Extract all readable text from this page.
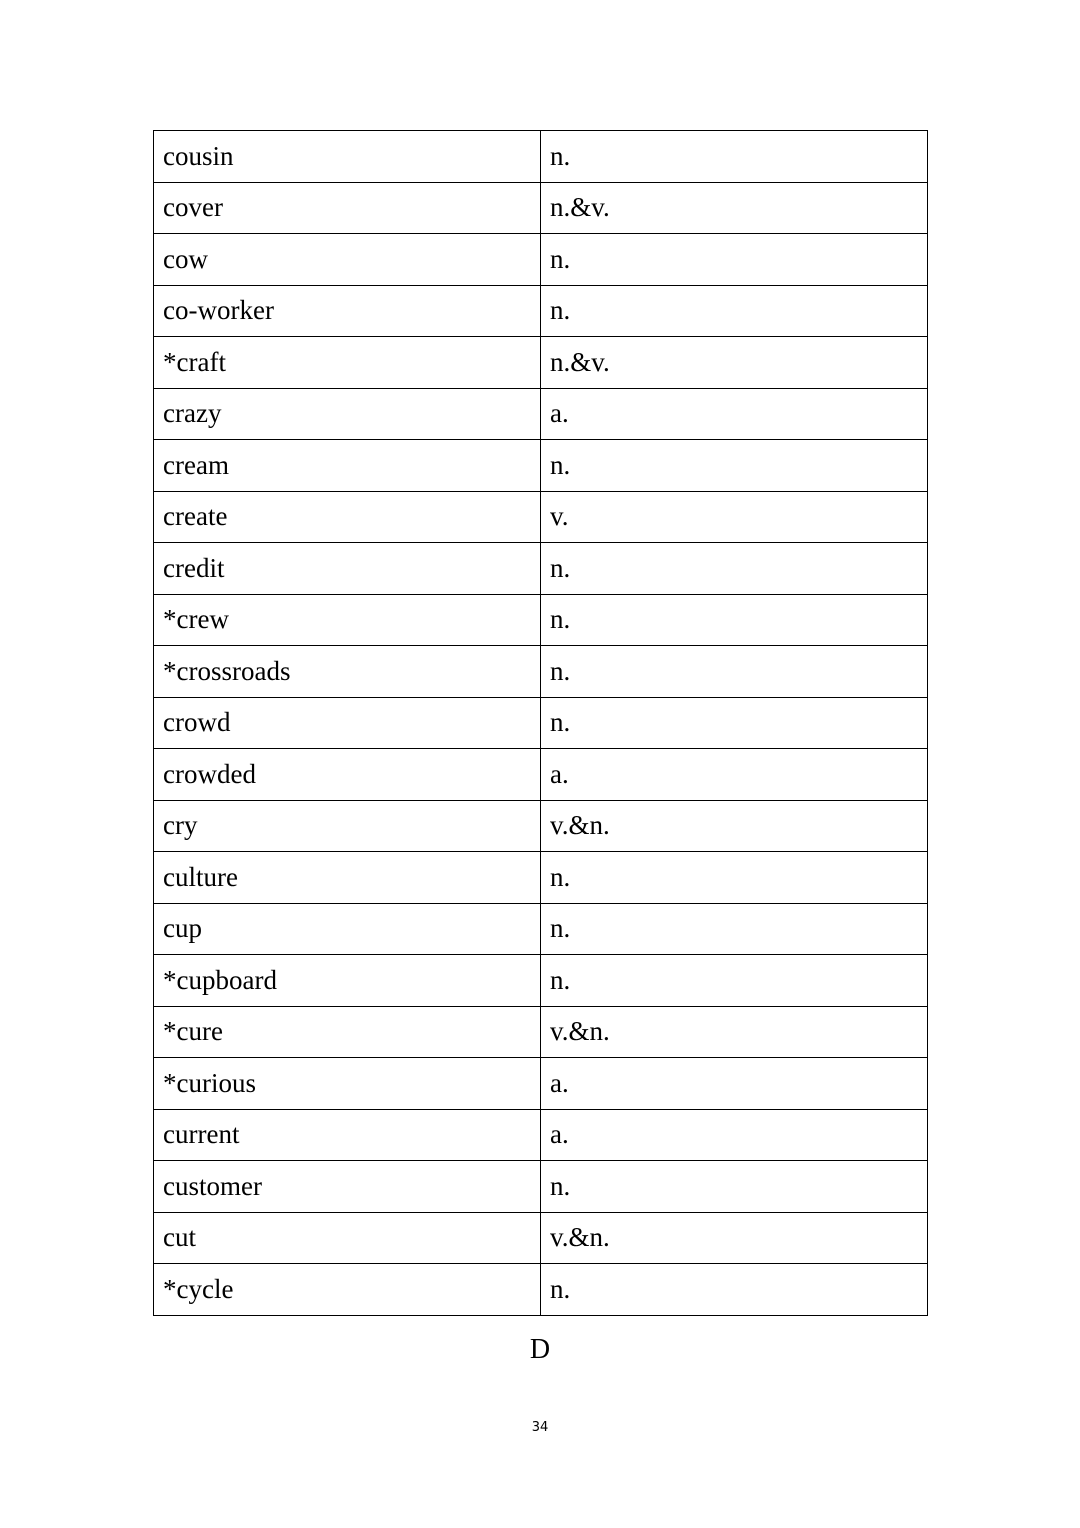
cousin	n.
cover	n.&v.
cow	n.
co-worker	n.
*craft	n.&v.
crazy	a.
cream	n.
create	v.
credit	n.
*crew	n.
*crossroads	n.
crowd	n.
crowded	a.
cry	v.&n.
culture	n.
cup	n.
*cupboard	n.
*cure	v.&n.
*curious	a.
current	a.
customer	n.
cut	v.&n.
*cycle	n.
D
34
